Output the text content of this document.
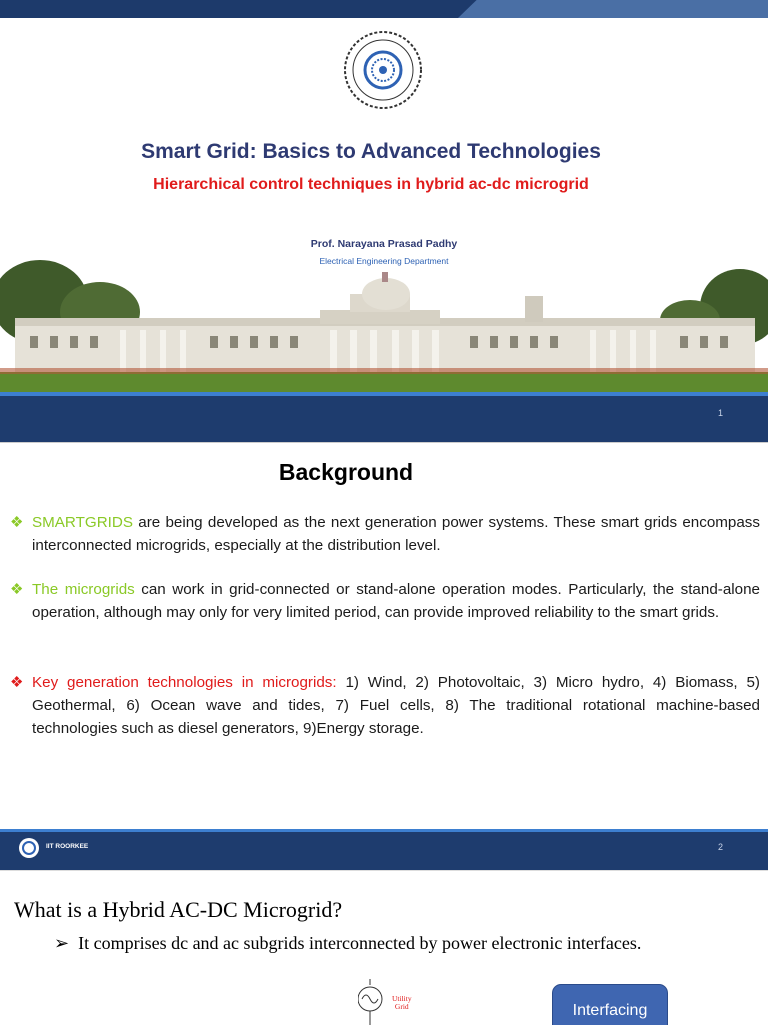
Smart Grid: Basics to Advanced Technologies
Hierarchical control techniques in hybrid ac-dc microgrid
Prof. Narayana Prasad Padhy
Electrical Engineering Department
1
Background
❖ SMARTGRIDS are being developed as the next generation power systems. These smart grids encompass interconnected microgrids, especially at the distribution level.
❖ The microgrids can work in grid-connected or stand-alone operation modes. Particularly, the stand-alone operation, although may only for very limited period, can provide improved reliability to the smart grids.
❖ Key generation technologies in microgrids: 1) Wind, 2) Photovoltaic, 3) Micro hydro, 4) Biomass, 5) Geothermal, 6) Ocean wave and tides, 7) Fuel cells, 8) The traditional rotational machine-based technologies such as diesel generators, 9)Energy storage.
IIT ROORKEE	2
What is a Hybrid AC-DC Microgrid?
➢ It comprises dc and ac subgrids interconnected by power electronic interfaces.
Utility
Grid	Interfacing
